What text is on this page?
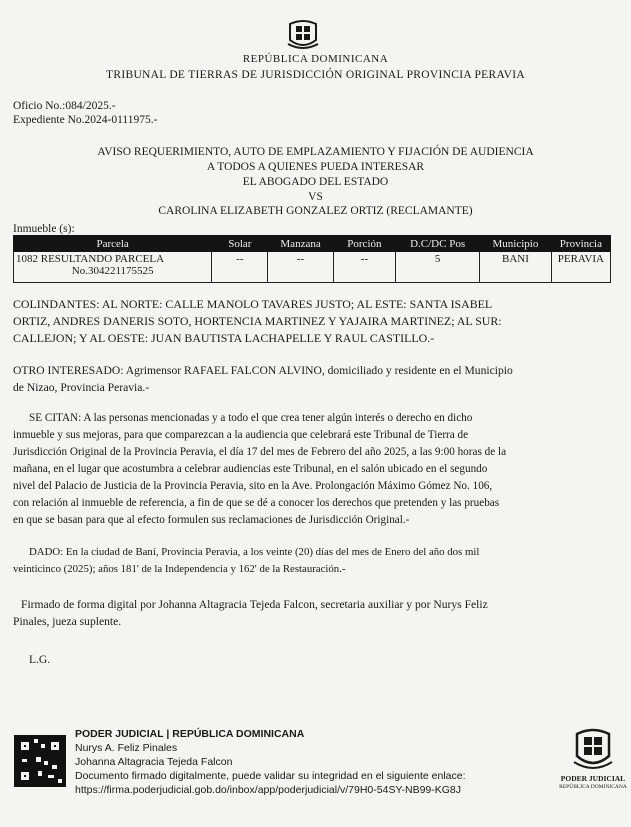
REPÚBLICA DOMINICANA
TRIBUNAL DE TIERRAS DE JURISDICCIÓN ORIGINAL PROVINCIA PERAVIA
Oficio No.:084/2025.-
Expediente No.2024-0111975.-
AVISO REQUERIMIENTO, AUTO DE EMPLAZAMIENTO Y FIJACIÓN DE AUDIENCIA
A TODOS A QUIENES PUEDA INTERESAR
EL ABOGADO DEL ESTADO
VS
CAROLINA ELIZABETH GONZALEZ ORTIZ (RECLAMANTE)
Inmueble (s):
Parcela	Solar	Manzana	Porción	D.C/DC Pos	Municipio	Provincia

1082 RESULTANDO PARCELA
No.304221175525	--	--	--	5	BANI	PERAVIA
COLINDANTES: AL NORTE: CALLE MANOLO TAVARES JUSTO; AL ESTE: SANTA ISABEL
ORTIZ, ANDRES DANERIS SOTO, HORTENCIA MARTINEZ Y YAJAIRA MARTINEZ; AL SUR:
CALLEJON; Y AL OESTE: JUAN BAUTISTA LACHAPELLE Y RAUL CASTILLO.-
OTRO INTERESADO: Agrimensor RAFAEL FALCON ALVINO, domiciliado y residente en el Municipio
de Nizao, Provincia Peravia.-
SE CITAN: A las personas mencionadas y a todo el que crea tener algún interés o derecho en dicho
inmueble y sus mejoras, para que comparezcan a la audiencia que celebrará este Tribunal de Tierra de
Jurisdicción Original de la Provincia Peravia, el día 17 del mes de Febrero del año 2025, a las 9:00 horas de la
mañana, en el lugar que acostumbra a celebrar audiencias este Tribunal, en el salón ubicado en el segundo
nivel del Palacio de Justicia de la Provincia Peravia, sito en la Ave. Prolongación Máximo Gómez No. 106,
con relación al inmueble de referencia, a fin de que se dé a conocer los derechos que pretenden y las pruebas
en que se basan para que al efecto formulen sus reclamaciones de Jurisdicción Original.-
DADO: En la ciudad de Baní, Provincia Peravia, a los veinte (20) días del mes de Enero del año dos mil
veinticinco (2025); años 181' de la Independencia y 162' de la Restauración.-
Firmado de forma digital por Johanna Altagracia Tejeda Falcon, secretaria auxiliar y por Nurys Feliz
Pinales, jueza suplente.
L.G.
PODER JUDICIAL | REPÚBLICA DOMINICANA
Nurys A. Feliz Pinales
Johanna Altagracia Tejeda Falcon
Documento firmado digitalmente, puede validar su integridad en el siguiente enlace:
https://firma.poderjudicial.gob.do/inbox/app/poderjudicial/v/79H0-54SY-NB99-KG8J
PODER JUDICIAL
REPÚBLICA DOMINICANA
